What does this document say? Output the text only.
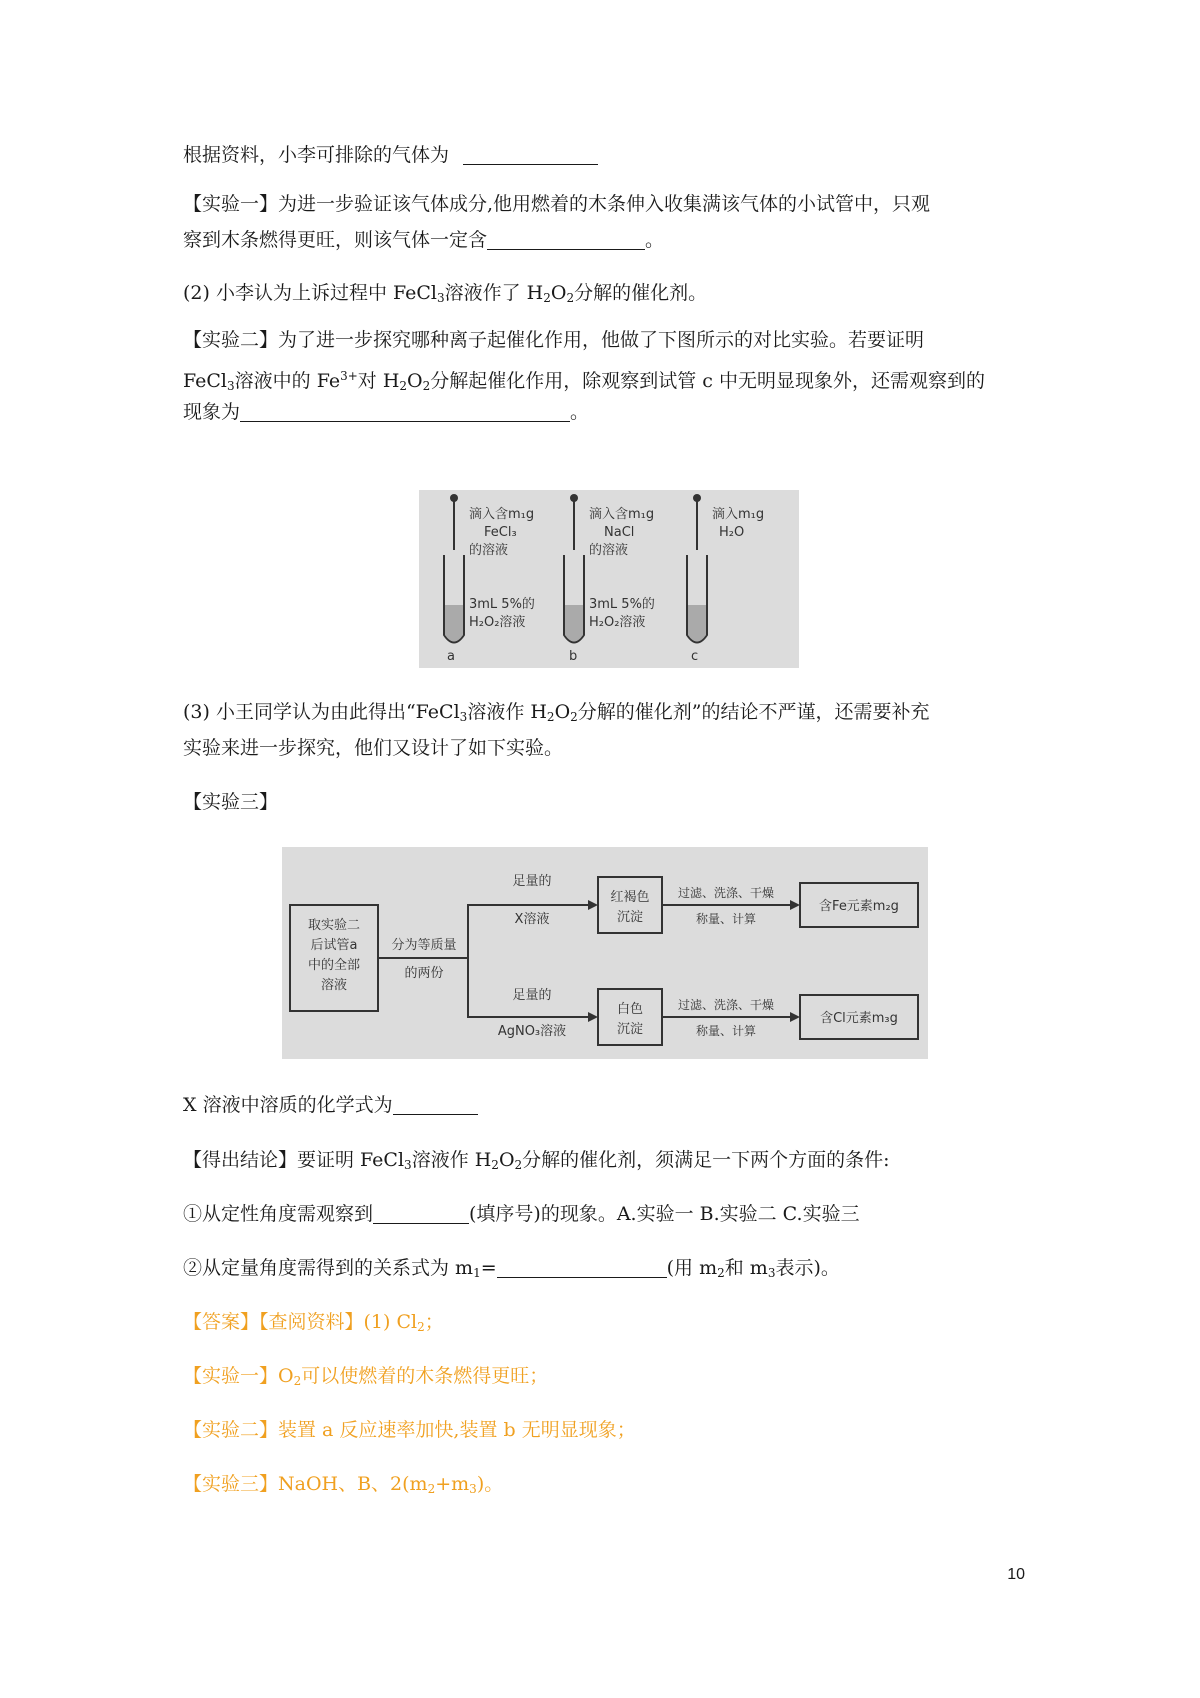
根据资料，小李可排除的气体为
【实验一】为进一步验证该气体成分,他用燃着的木条伸入收集满该气体的小试管中，只观
察到木条燃得更旺，则该气体一定含	。
(2) 小李认为上诉过程中 FeCl$_3$溶液作了 $H_2O_2$分解的催化剂。
【实验二】为了进一步探究哪种离子起催化作用，他做了下图所示的对比实验。若要证明
FeCl$_3$溶液中的 $Fe^{3+}$对 $H_2O_2$分解起催化作用，除观察到试管 c 中无明显现象外，还需观察到的
现象为	。
滴入含m₁g
FeCl₃
的溶液
3mL 5%的
H₂O₂溶液
a
滴入含m₁g
NaCl
的溶液
3mL 5%的
H₂O₂溶液
b
滴入m₁g
H₂O
c
(3) 小王同学认为由此得出“FeCl$_3$溶液作 $H_2O_2$分解的催化剂”的结论不严谨，还需要补充
实验来进一步探究，他们又设计了如下实验。
【实验三】
取实验二
后试管a
中的全部
溶液
分为等质量
的两份
足量的
X溶液
足量的
AgNO₃溶液
红褐色
沉淀
白色
沉淀
过滤、洗涤、干燥
称量、计算
过滤、洗涤、干燥
称量、计算
含Fe元素m₂g
含Cl元素m₃g
X 溶液中溶质的化学式为
【得出结论】要证明 FeCl$_3$溶液作 $H_2O_2$分解的催化剂，须满足一下两个方面的条件:
①从定性角度需观察到	(填序号)的现象。A.实验一 B.实验二 C.实验三
②从定量角度需得到的关系式为 $m_1=$	(用 $m_2$和 $m_3$表示)。
【答案】【查阅资料】(1) $Cl_2$；
【实验一】$O_2$可以使燃着的木条燃得更旺；
【实验二】装置 a 反应速率加快,装置 b 无明显现象；
【实验三】NaOH、B、$2(m_2+m_3)$。
10
